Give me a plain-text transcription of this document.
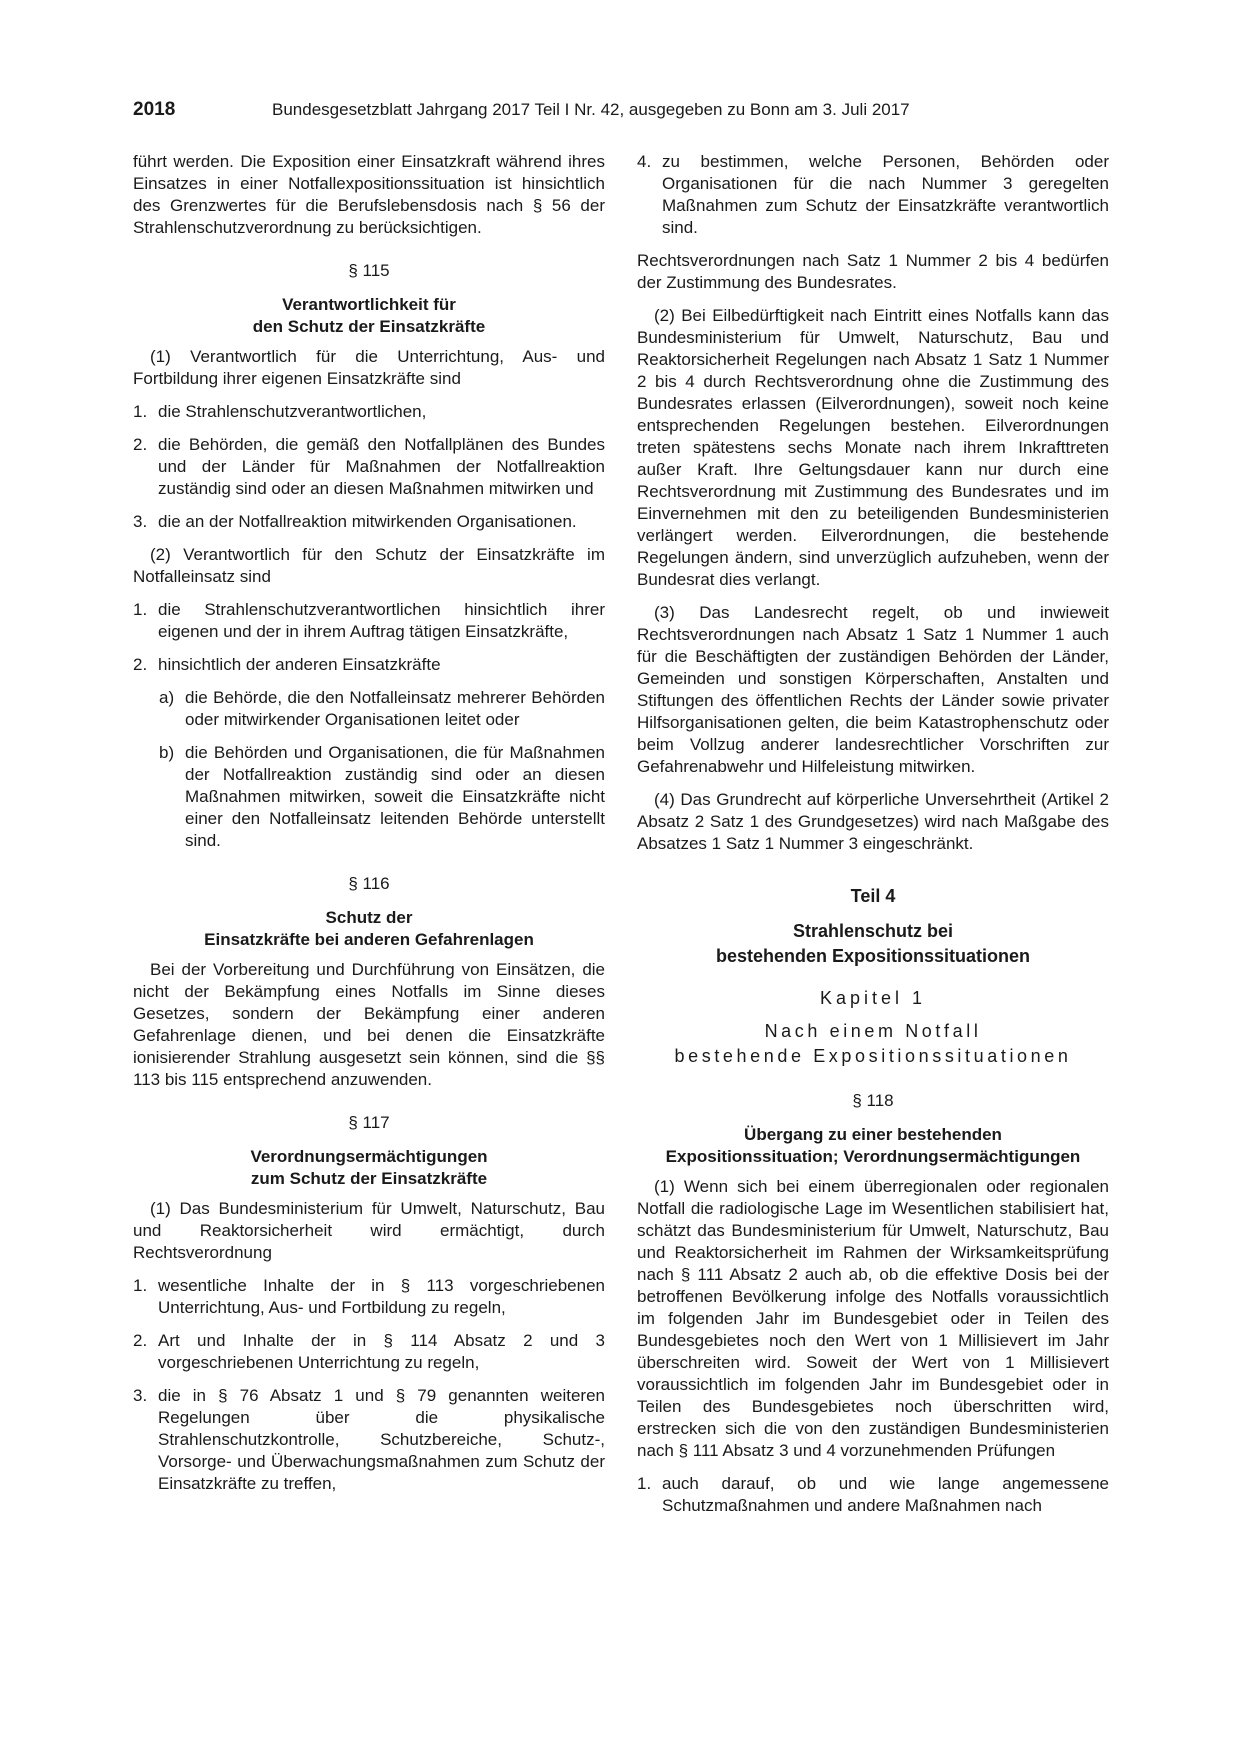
2018	Bundesgesetzblatt Jahrgang 2017 Teil I Nr. 42, ausgegeben zu Bonn am 3. Juli 2017

führt werden. Die Exposition einer Einsatzkraft während ihres Einsatzes in einer Notfallexpositionssituation ist hinsichtlich des Grenzwertes für die Berufslebensdosis nach § 56 der Strahlenschutzverordnung zu berücksichtigen.

§ 115
Verantwortlichkeit für
den Schutz der Einsatzkräfte

(1) Verantwortlich für die Unterrichtung, Aus- und Fortbildung ihrer eigenen Einsatzkräfte sind

1. die Strahlenschutzverantwortlichen,
2. die Behörden, die gemäß den Notfallplänen des Bundes und der Länder für Maßnahmen der Notfallreaktion zuständig sind oder an diesen Maßnahmen mitwirken und
3. die an der Notfallreaktion mitwirkenden Organisationen.

(2) Verantwortlich für den Schutz der Einsatzkräfte im Notfalleinsatz sind

1. die Strahlenschutzverantwortlichen hinsichtlich ihrer eigenen und der in ihrem Auftrag tätigen Einsatzkräfte,
2. hinsichtlich der anderen Einsatzkräfte
a) die Behörde, die den Notfalleinsatz mehrerer Behörden oder mitwirkender Organisationen leitet oder
b) die Behörden und Organisationen, die für Maßnahmen der Notfallreaktion zuständig sind oder an diesen Maßnahmen mitwirken, soweit die Einsatzkräfte nicht einer den Notfalleinsatz leitenden Behörde unterstellt sind.
§ 116
Schutz der
Einsatzkräfte bei anderen Gefahrenlagen

Bei der Vorbereitung und Durchführung von Einsätzen, die nicht der Bekämpfung eines Notfalls im Sinne dieses Gesetzes, sondern der Bekämpfung einer anderen Gefahrenlage dienen, und bei denen die Einsatzkräfte ionisierender Strahlung ausgesetzt sein können, sind die §§ 113 bis 115 entsprechend anzuwenden.

§ 117
Verordnungsermächtigungen
zum Schutz der Einsatzkräfte

(1) Das Bundesministerium für Umwelt, Naturschutz, Bau und Reaktorsicherheit wird ermächtigt, durch Rechtsverordnung

1. wesentliche Inhalte der in § 113 vorgeschriebenen Unterrichtung, Aus- und Fortbildung zu regeln,
2. Art und Inhalte der in § 114 Absatz 2 und 3 vorgeschriebenen Unterrichtung zu regeln,
3. die in § 76 Absatz 1 und § 79 genannten weiteren Regelungen über die physikalische Strahlenschutzkontrolle, Schutzbereiche, Schutz-, Vorsorge- und Überwachungsmaßnahmen zum Schutz der Einsatzkräfte zu treffen,
4. zu bestimmen, welche Personen, Behörden oder Organisationen für die nach Nummer 3 geregelten Maßnahmen zum Schutz der Einsatzkräfte verantwortlich sind.

Rechtsverordnungen nach Satz 1 Nummer 2 bis 4 bedürfen der Zustimmung des Bundesrates.

(2) Bei Eilbedürftigkeit nach Eintritt eines Notfalls kann das Bundesministerium für Umwelt, Naturschutz, Bau und Reaktorsicherheit Regelungen nach Absatz 1 Satz 1 Nummer 2 bis 4 durch Rechtsverordnung ohne die Zustimmung des Bundesrates erlassen (Eilverordnungen), soweit noch keine entsprechenden Regelungen bestehen. Eilverordnungen treten spätestens sechs Monate nach ihrem Inkrafttreten außer Kraft. Ihre Geltungsdauer kann nur durch eine Rechtsverordnung mit Zustimmung des Bundesrates und im Einvernehmen mit den zu beteiligenden Bundesministerien verlängert werden. Eilverordnungen, die bestehende Regelungen ändern, sind unverzüglich aufzuheben, wenn der Bundesrat dies verlangt.

(3) Das Landesrecht regelt, ob und inwieweit Rechtsverordnungen nach Absatz 1 Satz 1 Nummer 1 auch für die Beschäftigten der zuständigen Behörden der Länder, Gemeinden und sonstigen Körperschaften, Anstalten und Stiftungen des öffentlichen Rechts der Länder sowie privater Hilfsorganisationen gelten, die beim Katastrophenschutz oder beim Vollzug anderer landesrechtlicher Vorschriften zur Gefahrenabwehr und Hilfeleistung mitwirken.

(4) Das Grundrecht auf körperliche Unversehrtheit (Artikel 2 Absatz 2 Satz 1 des Grundgesetzes) wird nach Maßgabe des Absatzes 1 Satz 1 Nummer 3 eingeschränkt.

Teil 4
Strahlenschutz bei
bestehenden Expositionssituationen
Kapitel 1
Nach einem Notfall
bestehende Expositionssituationen
§ 118
Übergang zu einer bestehenden
Expositionssituation; Verordnungsermächtigungen

(1) Wenn sich bei einem überregionalen oder regionalen Notfall die radiologische Lage im Wesentlichen stabilisiert hat, schätzt das Bundesministerium für Umwelt, Naturschutz, Bau und Reaktorsicherheit im Rahmen der Wirksamkeitsprüfung nach § 111 Absatz 2 auch ab, ob die effektive Dosis bei der betroffenen Bevölkerung infolge des Notfalls voraussichtlich im folgenden Jahr im Bundesgebiet oder in Teilen des Bundesgebietes noch den Wert von 1 Millisievert im Jahr überschreiten wird. Soweit der Wert von 1 Millisievert voraussichtlich im folgenden Jahr im Bundesgebiet oder in Teilen des Bundesgebietes noch überschritten wird, erstrecken sich die von den zuständigen Bundesministerien nach § 111 Absatz 3 und 4 vorzunehmenden Prüfungen

1. auch darauf, ob und wie lange angemessene Schutzmaßnahmen und andere Maßnahmen nach
